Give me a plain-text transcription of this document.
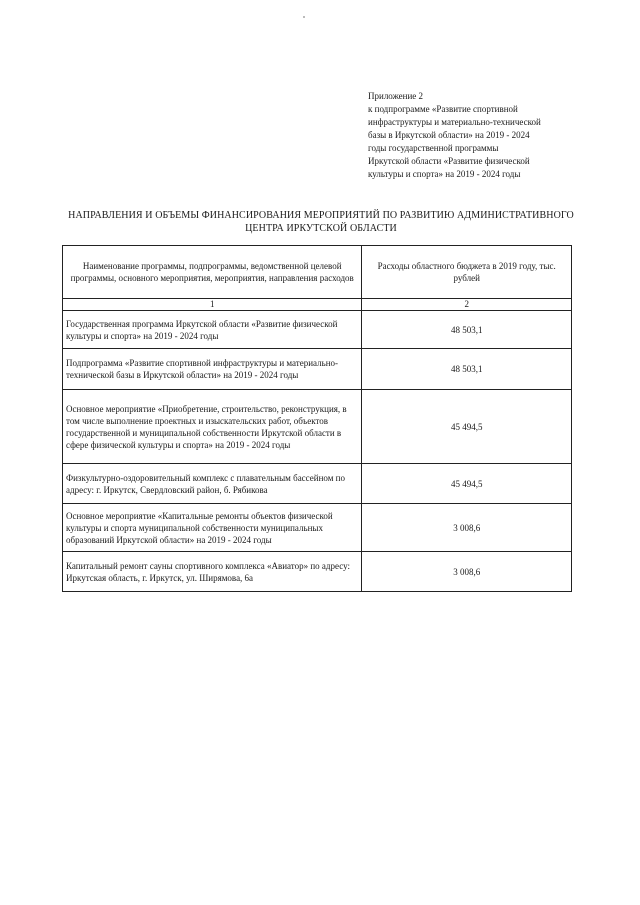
Приложение 2
к подпрограмме «Развитие спортивной
инфраструктуры и материально-технической
базы в Иркутской области» на 2019 - 2024
годы государственной программы
Иркутской области «Развитие физической
культуры и спорта» на 2019 - 2024 годы
НАПРАВЛЕНИЯ И ОБЪЕМЫ ФИНАНСИРОВАНИЯ МЕРОПРИЯТИЙ ПО РАЗВИТИЮ АДМИНИСТРАТИВНОГО
ЦЕНТРА ИРКУТСКОЙ ОБЛАСТИ
Наименование программы, подпрограммы, ведомственной целевой программы, основного мероприятия, мероприятия, направления расходов	Расходы областного бюджета в 2019 году, тыс. рублей
1	2
Государственная программа Иркутской области «Развитие физической культуры и спорта» на 2019 - 2024 годы	48 503,1
Подпрограмма «Развитие спортивной инфраструктуры и материально-технической базы в Иркутской области» на 2019 - 2024 годы	48 503,1
Основное мероприятие «Приобретение, строительство, реконструкция, в том числе выполнение проектных и изыскательских работ, объектов государственной и муниципальной собственности Иркутской области в сфере физической культуры и спорта» на 2019 - 2024 годы	45 494,5
Физкультурно-оздоровительный комплекс с плавательным бассейном по адресу: г. Иркутск, Свердловский район, б. Рябикова	45 494,5
Основное мероприятие «Капитальные ремонты объектов физической культуры и спорта муниципальной собственности муниципальных образований Иркутской области» на 2019 - 2024 годы	3 008,6
Капитальный ремонт сауны спортивного комплекса «Авиатор» по адресу: Иркутская область, г. Иркутск, ул. Ширямова, 6а	3 008,6
